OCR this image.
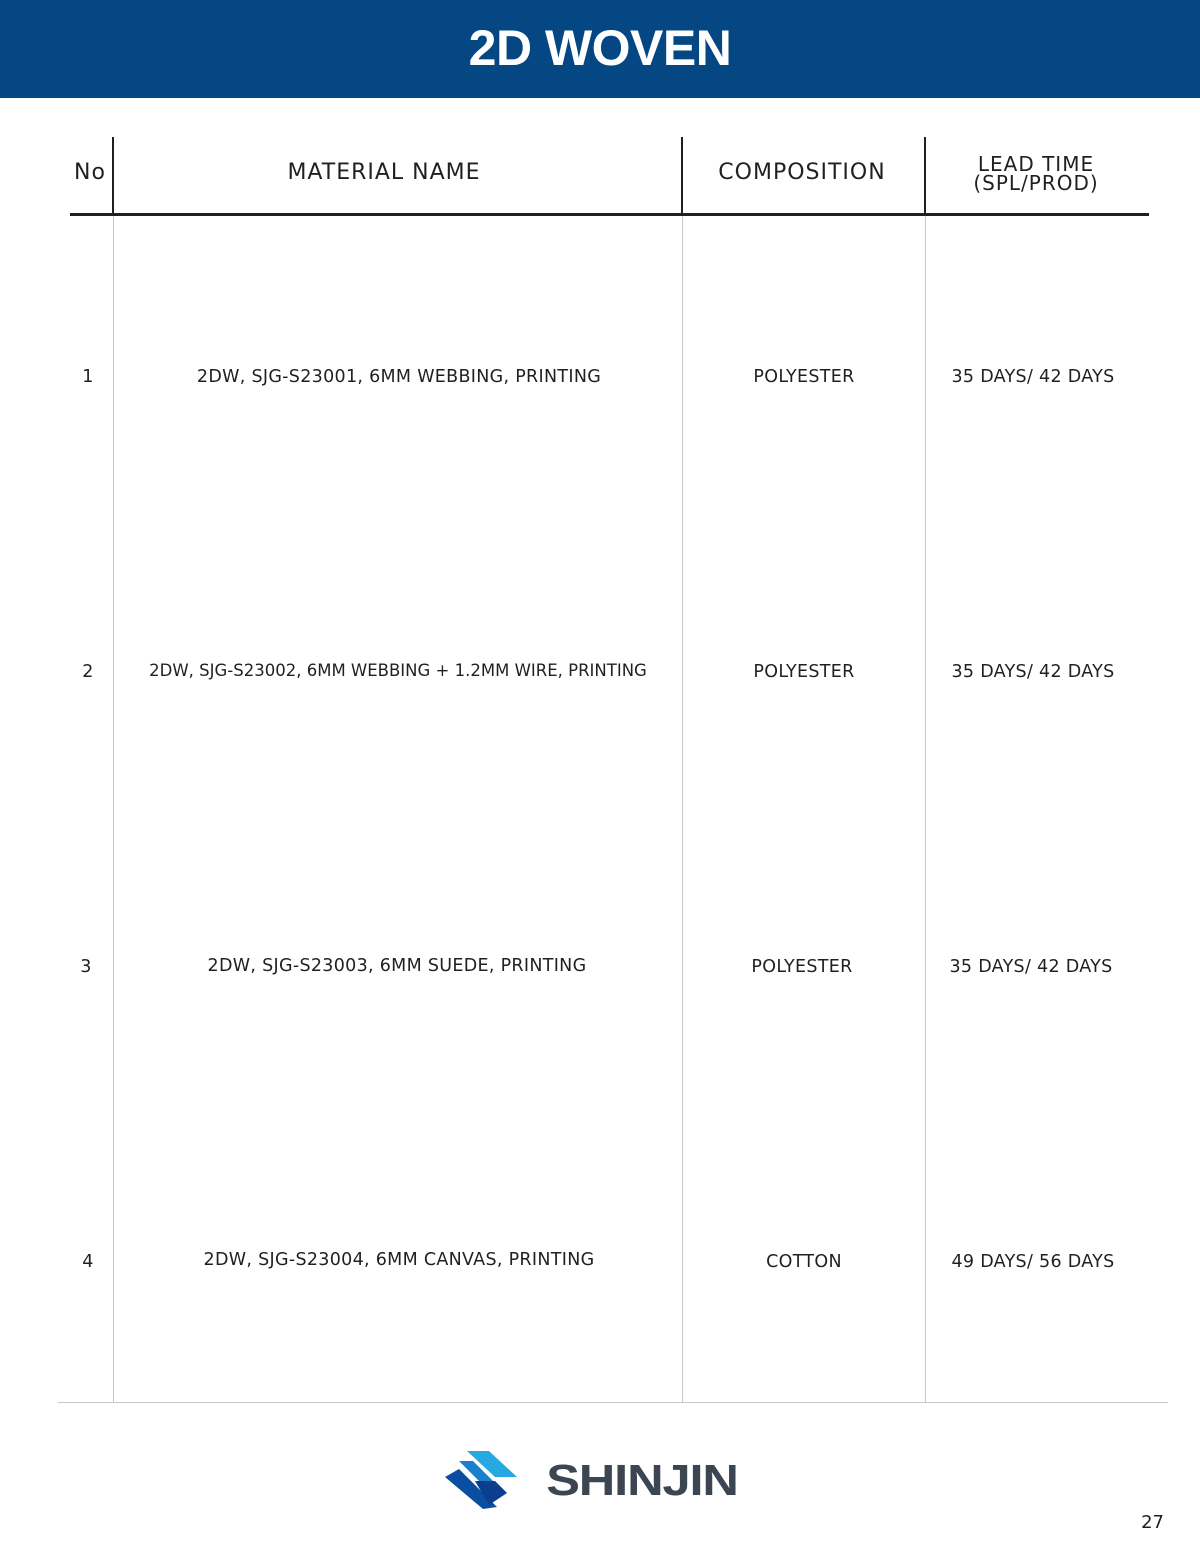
2D WOVEN
No	MATERIAL NAME	COMPOSITION	LEAD TIME
(SPL/PROD)
1	2DW, SJG-S23001, 6MM WEBBING, PRINTING	POLYESTER	35 DAYS/ 42 DAYS
2	2DW, SJG-S23002, 6MM WEBBING + 1.2MM WIRE, PRINTING	POLYESTER	35 DAYS/ 42 DAYS
3	2DW, SJG-S23003, 6MM SUEDE, PRINTING	POLYESTER	35 DAYS/ 42 DAYS
4	2DW, SJG-S23004, 6MM CANVAS, PRINTING	COTTON	49 DAYS/ 56 DAYS
SHINJIN
27
